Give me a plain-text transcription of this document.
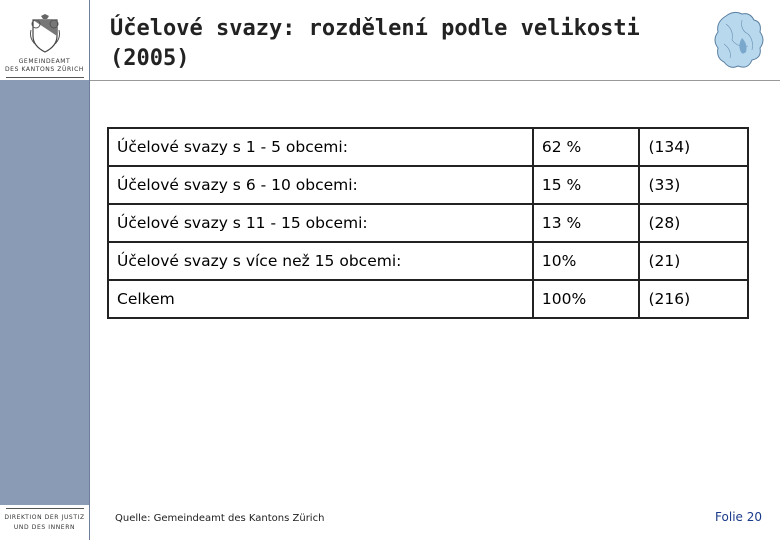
GEMEINDEAMT
DES KANTONS ZÜRICH
DIREKTION DER JUSTIZ
UND DES INNERN
Účelové svazy: rozdělení podle velikosti
(2005)
Účelové svazy s 1 - 5 obcemi:	62 %	(134)
Účelové svazy s 6 - 10 obcemi:	15 %	(33)
Účelové svazy s 11 - 15 obcemi:	13 %	(28)
Účelové svazy s více než 15 obcemi:	10%	(21)
Celkem	100%	(216)
Quelle: Gemeindeamt des Kantons Zürich	Folie 20
